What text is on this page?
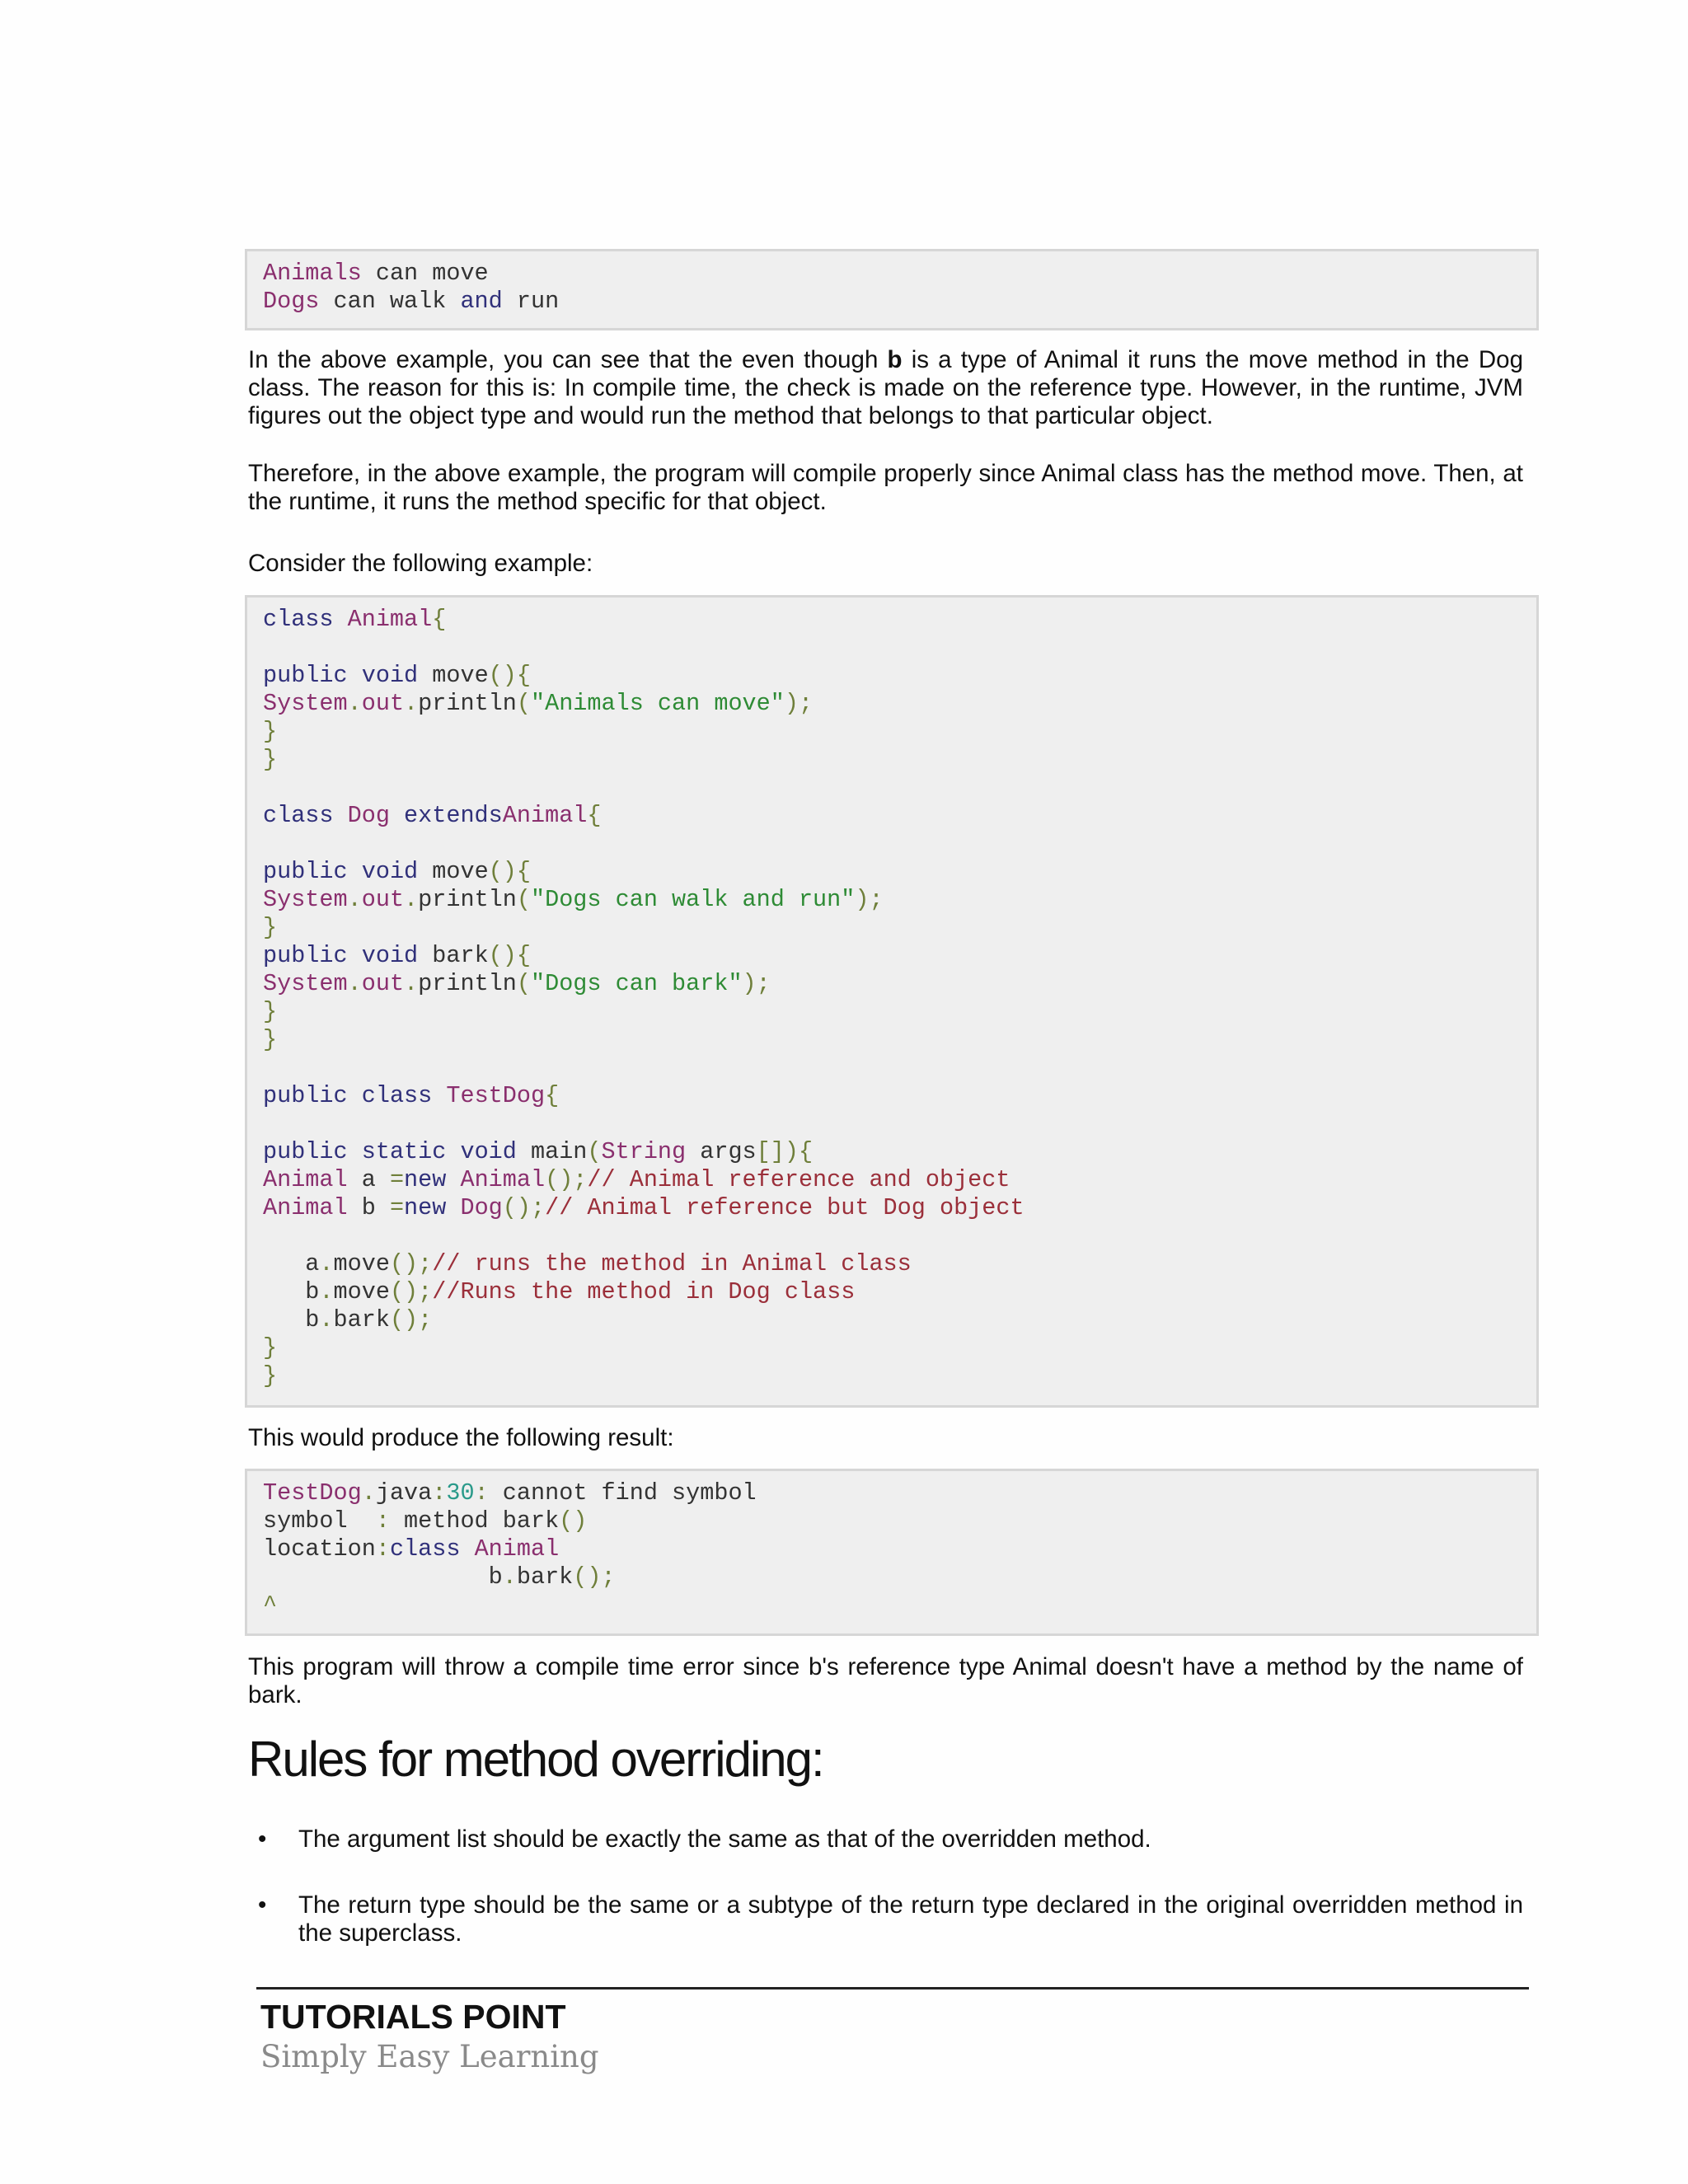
Animals can move
Dogs can walk and run

In the above example, you can see that the even though b is a type of Animal it runs the move method in the Dog class. The reason for this is: In compile time, the check is made on the reference type. However, in the runtime, JVM figures out the object type and would run the method that belongs to that particular object.

Therefore, in the above example, the program will compile properly since Animal class has the method move. Then, at the runtime, it runs the method specific for that object.

Consider the following example:

class Animal{
public void move(){
System.out.println("Animals can move");
}
}
class Dog extendsAnimal{
public void move(){
System.out.println("Dogs can walk and run");
}
public void bark(){
System.out.println("Dogs can bark");
}
}
public class TestDog{
public static void main(String args[]){
Animal a =new Animal();// Animal reference and object
Animal b =new Dog();// Animal reference but Dog object
a.move();// runs the method in Animal class
b.move();//Runs the method in Dog class
b.bark();
}
}

This would produce the following result:

TestDog.java:30: cannot find symbol
symbol  : method bark()
location:class Animal
b.bark();
^

This program will throw a compile time error since b's reference type Animal doesn't have a method by the name of bark.

Rules for method overriding:
• The argument list should be exactly the same as that of the overridden method.

• The return type should be the same or a subtype of the return type declared in the original overridden method in the superclass.

TUTORIALS POINT
Simply Easy Learning
